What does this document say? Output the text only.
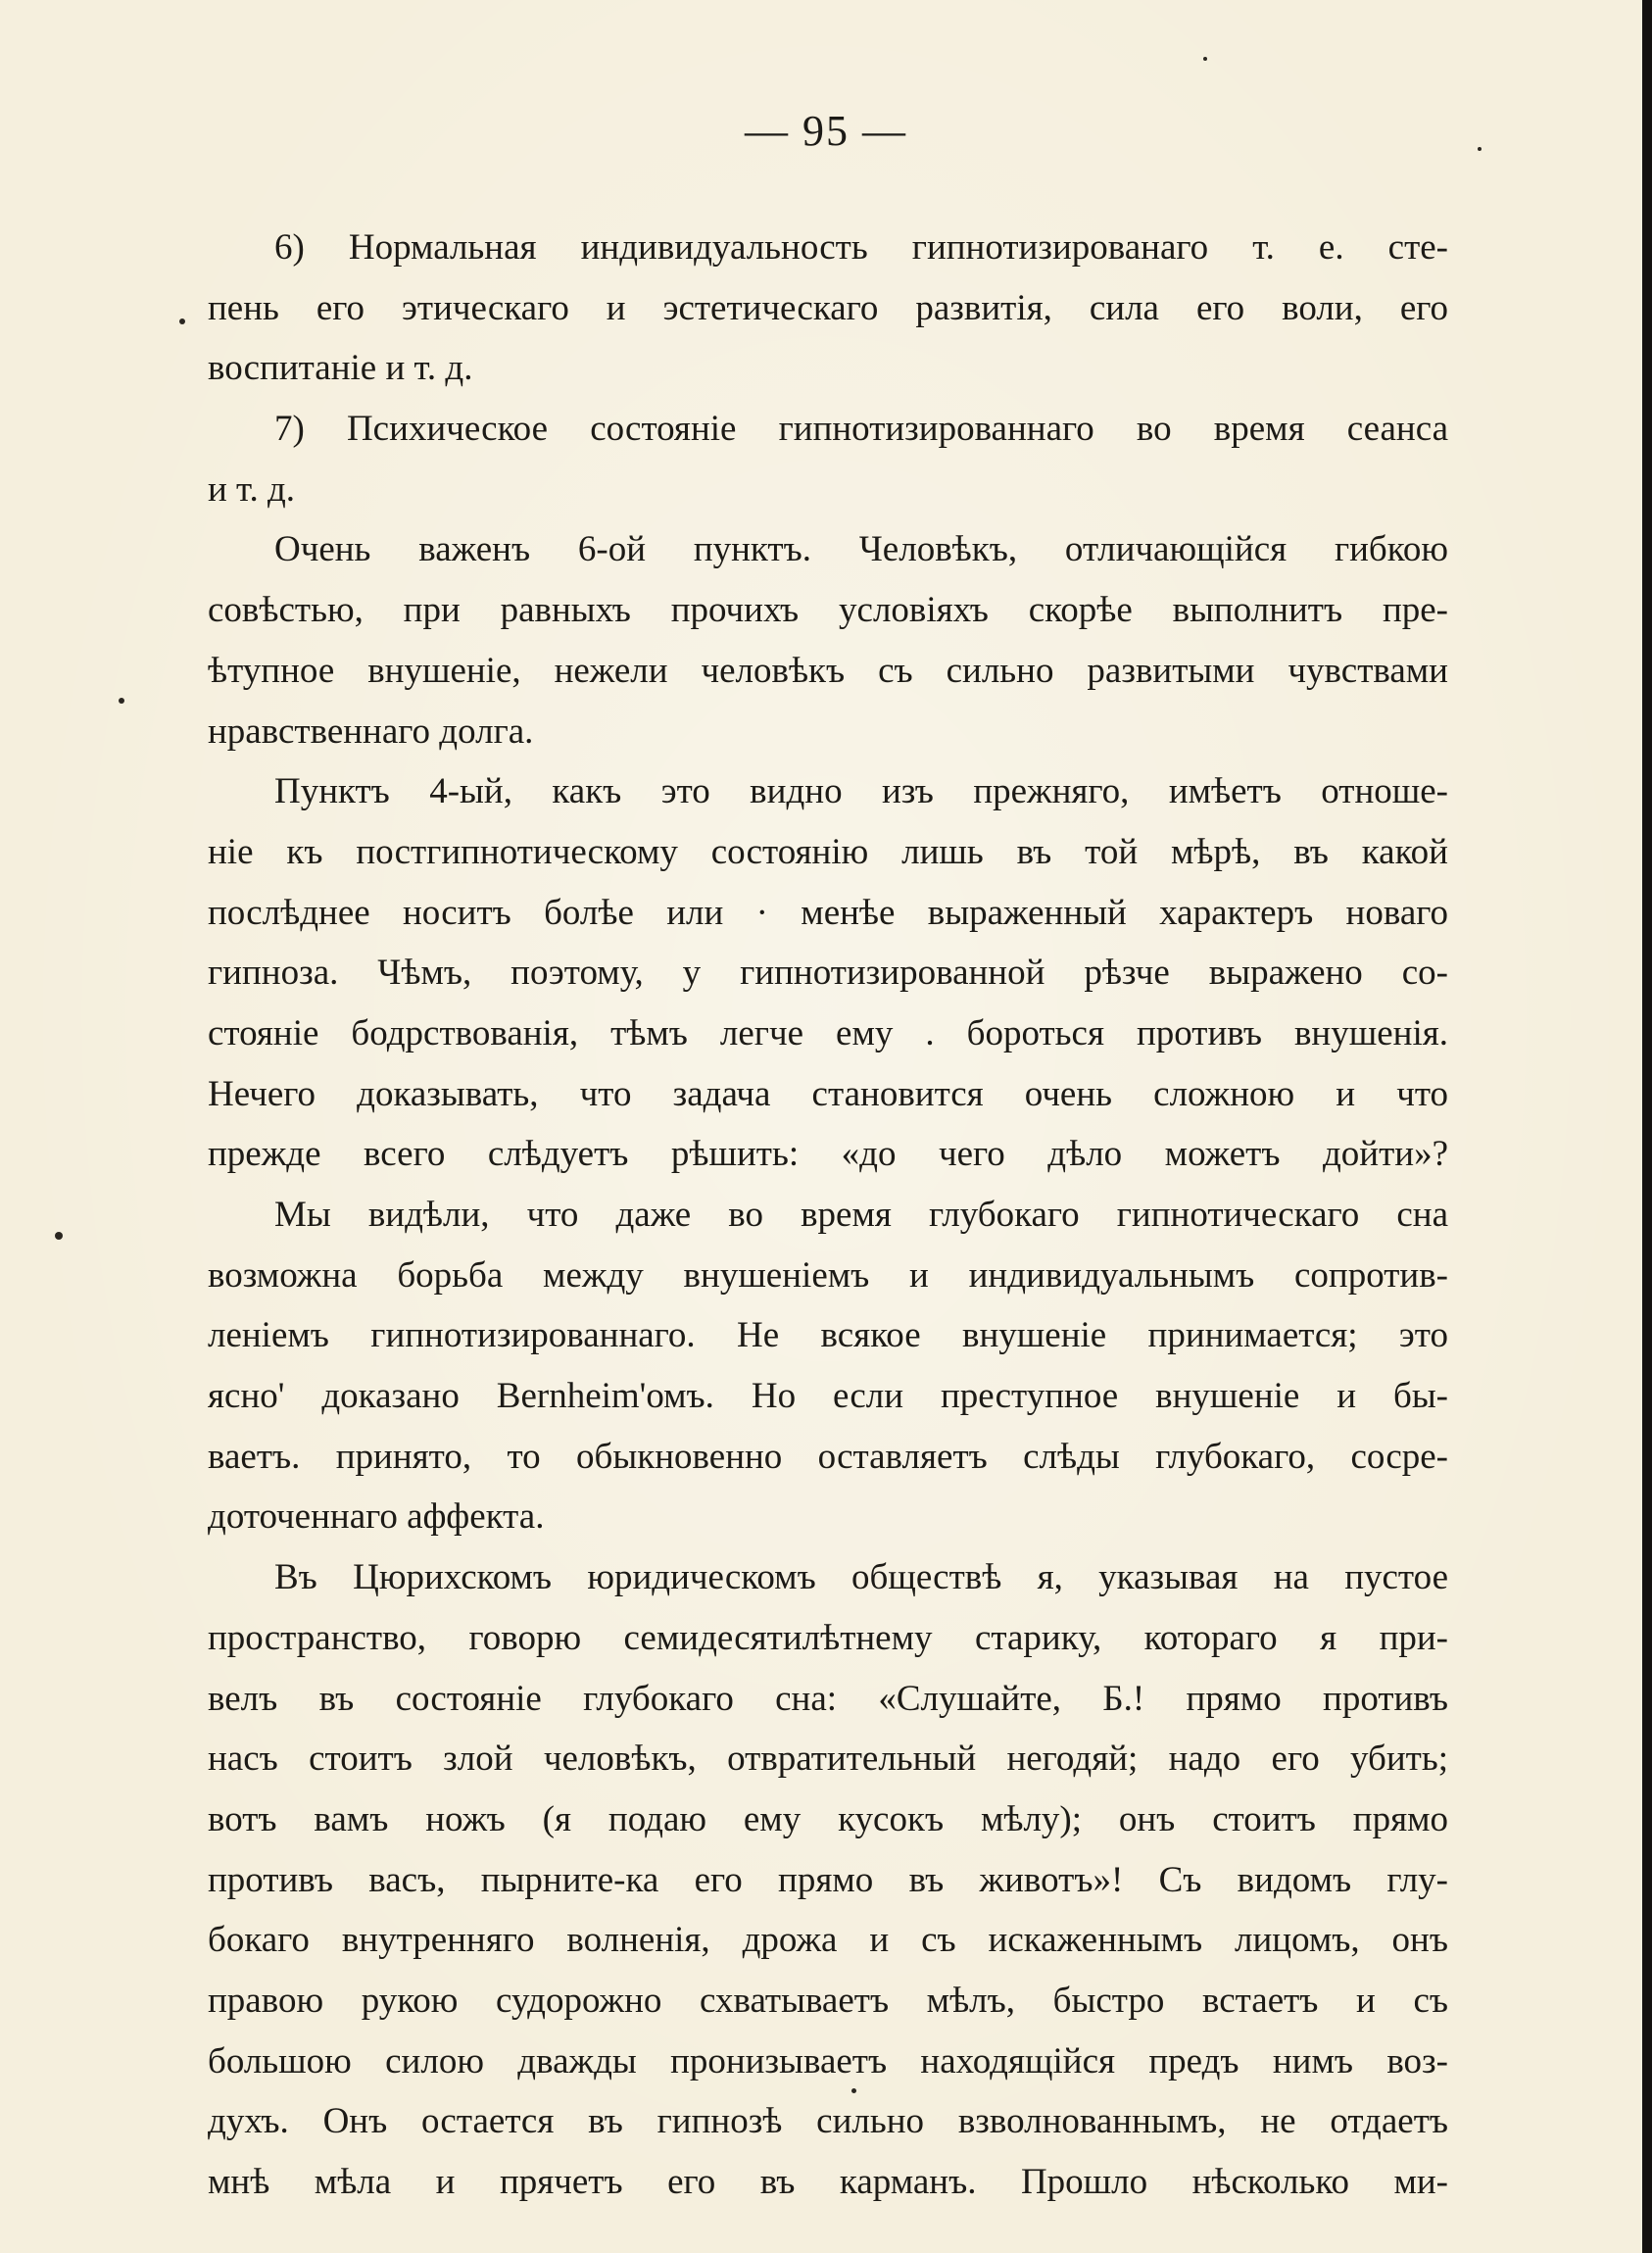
— 95 —
6) Нормальная индивидуальность гипнотизированаго т. е. сте-
пень его этическаго и эстетическаго развитія, сила его воли, его
воспитаніе и т. д.
7) Психическое состояніе гипнотизированнаго во время сеанса
и т. д.
Очень важенъ 6-ой пунктъ. Человѣкъ, отличающійся гибкою
совѣстью, при равныхъ прочихъ условіяхъ скорѣе выполнитъ пре-
ѣтупное внушеніе, нежели человѣкъ съ сильно развитыми чувствами
нравственнаго долга.
Пунктъ 4-ый, какъ это видно изъ прежняго, имѣетъ отноше-
ніе къ постгипнотическому состоянію лишь въ той мѣрѣ, въ какой
послѣднее носитъ болѣе или · менѣе выраженный характеръ новаго
гипноза. Чѣмъ, поэтому, у гипнотизированной рѣзче выражено со-
стояніе бодрствованія, тѣмъ легче ему . бороться противъ внушенія.
Нечего доказывать, что задача становится очень сложною и что
прежде всего слѣдуетъ рѣшить: «до чего дѣло можетъ дойти»?
Мы видѣли, что даже во время глубокаго гипнотическаго сна
возможна борьба между внушеніемъ и индивидуальнымъ сопротив-
леніемъ гипнотизированнаго. Не всякое внушеніе принимается; это
ясно' доказано Bernheim'омъ. Но если преступное внушеніе и бы-
ваетъ. принято, то обыкновенно оставляетъ слѣды глубокаго, сосре-
доточеннаго аффекта.
Въ Цюрихскомъ юридическомъ обществѣ я, указывая на пустое
пространство, говорю семидесятилѣтнему старику, котораго я при-
велъ въ состояніе глубокаго сна: «Слушайте, Б.! прямо противъ
насъ стоитъ злой человѣкъ, отвратительный негодяй; надо его убить;
вотъ вамъ ножъ (я подаю ему кусокъ мѣлу); онъ стоитъ прямо
противъ васъ, пырните-ка его прямо въ животъ»! Съ видомъ глу-
бокаго внутренняго волненія, дрожа и съ искаженнымъ лицомъ, онъ
правою рукою судорожно схватываетъ мѣлъ, быстро встаетъ и съ
большою силою дважды пронизываетъ находящійся предъ нимъ воз-
духъ. Онъ остается въ гипнозѣ сильно взволнованнымъ, не отдаетъ
мнѣ мѣла и прячетъ его въ карманъ. Прошло нѣсколько ми-
